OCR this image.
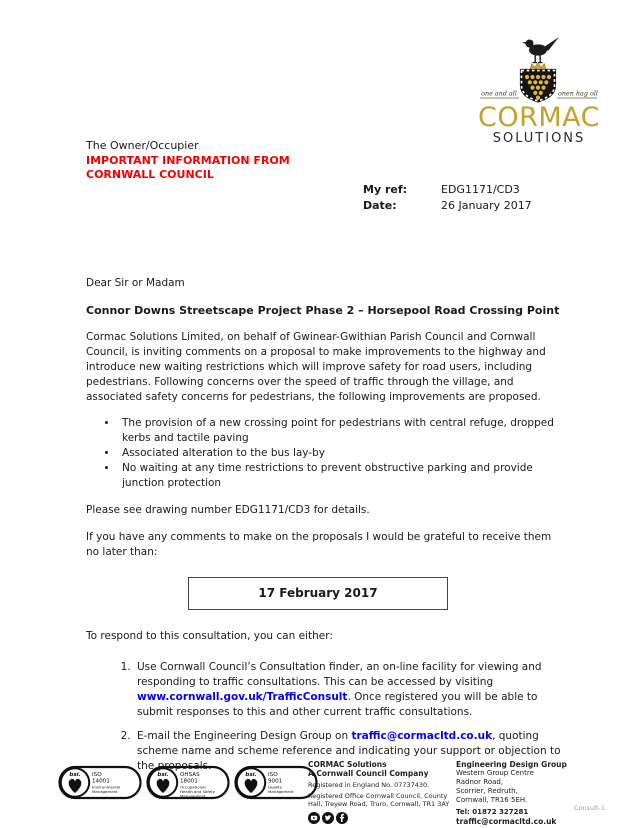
one and all	onen hag oll
CORMAC
SOLUTIONS
The Owner/Occupier
IMPORTANT INFORMATION FROM
CORNWALL COUNCIL
My ref:	EDG1171/CD3
Date:	26 January 2017

Dear Sir or Madam

Connor Downs Streetscape Project Phase 2 – Horsepool Road Crossing Point

Cormac Solutions Limited, on behalf of Gwinear-Gwithian Parish Council and Cornwall Council, is inviting comments on a proposal to make improvements to the highway and introduce new waiting restrictions which will improve safety for road users, including pedestrians. Following concerns over the speed of traffic through the village, and associated safety concerns for pedestrians, the following improvements are proposed.

• The provision of a new crossing point for pedestrians with central refuge, dropped kerbs and tactile paving
• Associated alteration to the bus lay-by
• No waiting at any time restrictions to prevent obstructive parking and provide junction protection

Please see drawing number EDG1171/CD3 for details.

If you have any comments to make on the proposals I would be grateful to receive them no later than:

17 February 2017

To respond to this consultation, you can either:

1. Use Cornwall Council’s Consultation finder, an on-line facility for viewing and responding to traffic consultations. This can be accessed by visiting www.cornwall.gov.uk/TrafficConsult. Once registered you will be able to submit responses to this and other current traffic consultations.
2. E-mail the Engineering Design Group on traffic@cormacltd.co.uk, quoting scheme name and scheme reference and indicating your support or objection to the proposals.
bsi. ISO
14001
Environmental
Management
bsi. OHSAS
18001
Occupational
Health and Safety
Management
bsi. ISO
9001
Quality
Management
CORMAC Solutions
A Cornwall Council Company
Registered in England No. 07737430.
Registered Office Cornwall Council, County Hall, Treyew Road, Truro, Cornwall, TR1 3AY
Engineering Design Group
Western Group Centre
Radnor Road,
Scorrier, Redruth,
Cornwall, TR16 5EH.
Tel: 01872 327281
traffic@cormacltd.co.uk
Consult-1
